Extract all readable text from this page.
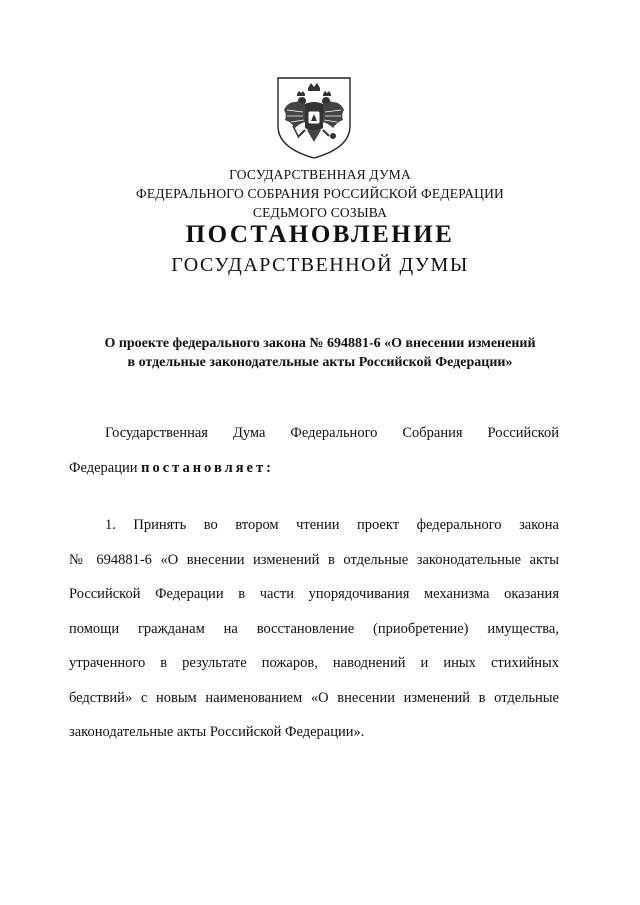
ГОСУДАРСТВЕННАЯ ДУМА
ФЕДЕРАЛЬНОГО СОБРАНИЯ РОССИЙСКОЙ ФЕДЕРАЦИИ
СЕДЬМОГО СОЗЫВА
ПОСТАНОВЛЕНИЕ
ГОСУДАРСТВЕННОЙ ДУМЫ
О проекте федерального закона № 694881-6 «О внесении изменений
в отдельные законодательные акты Российской Федерации»
Государственная Дума Федерального Собрания Российской
Федерации постановляет:
1. Принять во втором чтении проект федерального закона
№ 694881-6 «О внесении изменений в отдельные законодательные акты
Российской Федерации в части упорядочивания механизма оказания
помощи гражданам на восстановление (приобретение) имущества,
утраченного в результате пожаров, наводнений и иных стихийных
бедствий» с новым наименованием «О внесении изменений в отдельные
законодательные акты Российской Федерации».
